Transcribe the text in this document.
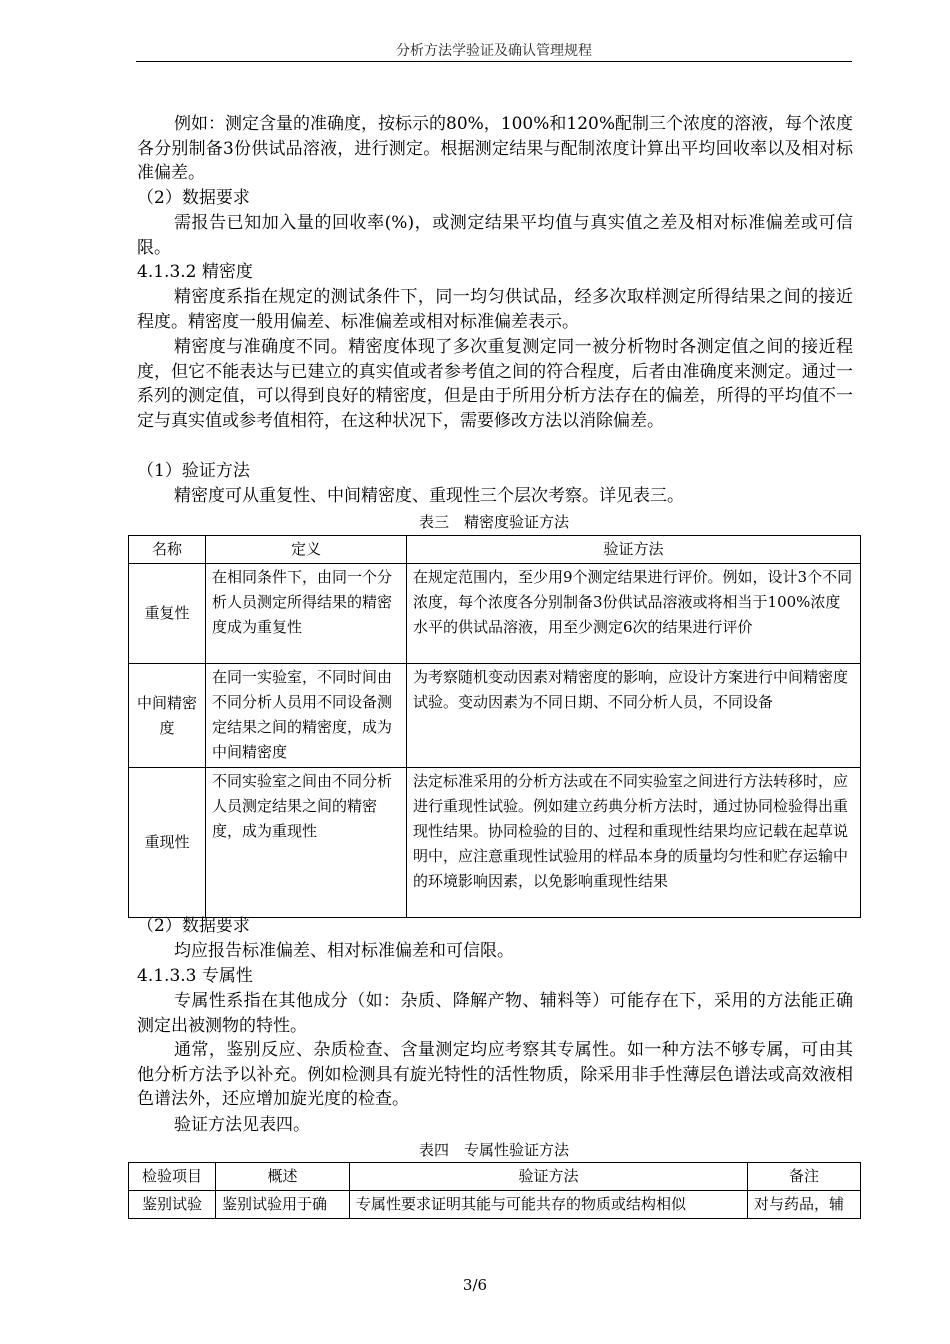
分析方法学验证及确认管理规程

例如：测定含量的准确度，按标示的80%，100%和120%配制三个浓度的溶液，每个浓度各分别制备3份供试品溶液，进行测定。根据测定结果与配制浓度计算出平均回收率以及相对标准偏差。

（2）数据要求

需报告已知加入量的回收率(%)，或测定结果平均值与真实值之差及相对标准偏差或可信限。

4.1.3.2 精密度

精密度系指在规定的测试条件下，同一均匀供试品，经多次取样测定所得结果之间的接近程度。精密度一般用偏差、标准偏差或相对标准偏差表示。

精密度与准确度不同。精密度体现了多次重复测定同一被分析物时各测定值之间的接近程度，但它不能表达与已建立的真实值或者参考值之间的符合程度，后者由准确度来测定。通过一系列的测定值，可以得到良好的精密度，但是由于所用分析方法存在的偏差，所得的平均值不一定与真实值或参考值相符，在这种状况下，需要修改方法以消除偏差。

（1）验证方法

精密度可从重复性、中间精密度、重现性三个层次考察。详见表三。

表三　精密度验证方法
名称	定义	验证方法
重复性	在相同条件下，由同一个分析人员测定所得结果的精密度成为重复性	在规定范围内，至少用9个测定结果进行评价。例如，设计3个不同浓度，每个浓度各分别制备3份供试品溶液或将相当于100%浓度水平的供试品溶液，用至少测定6次的结果进行评价
中间精密度	在同一实验室，不同时间由不同分析人员用不同设备测定结果之间的精密度，成为中间精密度	为考察随机变动因素对精密度的影响，应设计方案进行中间精密度试验。变动因素为不同日期、不同分析人员，不同设备
重现性	不同实验室之间由不同分析人员测定结果之间的精密度，成为重现性	法定标准采用的分析方法或在不同实验室之间进行方法转移时，应进行重现性试验。例如建立药典分析方法时，通过协同检验得出重现性结果。协同检验的目的、过程和重现性结果均应记载在起草说明中，应注意重现性试验用的样品本身的质量均匀性和贮存运输中的环境影响因素，以免影响重现性结果

（2）数据要求

均应报告标准偏差、相对标准偏差和可信限。

4.1.3.3 专属性

专属性系指在其他成分（如：杂质、降解产物、辅料等）可能存在下，采用的方法能正确测定出被测物的特性。

通常，鉴别反应、杂质检查、含量测定均应考察其专属性。如一种方法不够专属，可由其他分析方法予以补充。例如检测具有旋光特性的活性物质，除采用非手性薄层色谱法或高效液相色谱法外，还应增加旋光度的检查。

验证方法见表四。

表四　专属性验证方法
检验项目	概述	验证方法	备注
鉴别试验	鉴别试验用于确	专属性要求证明其能与可能共存的物质或结构相似	对与药品，辅
3/6
